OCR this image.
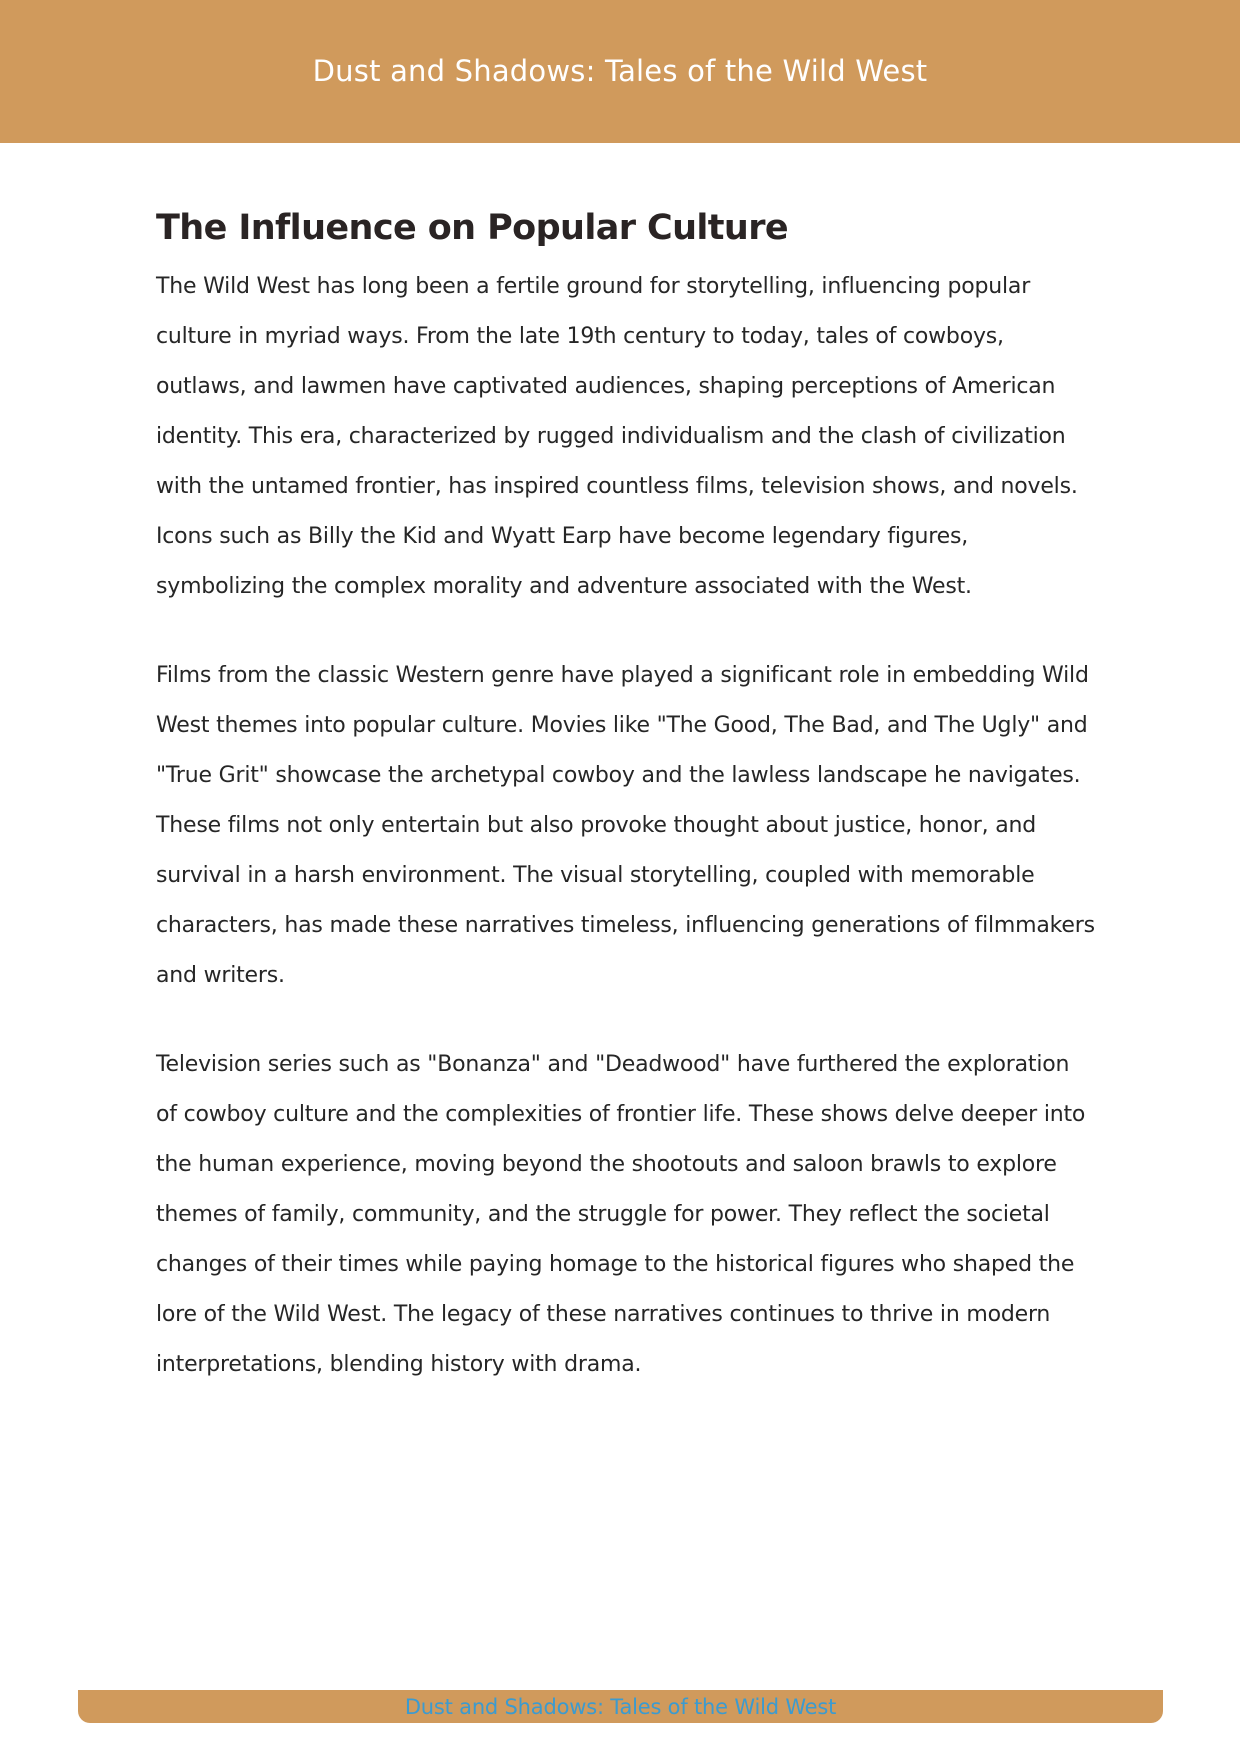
Dust and Shadows: Tales of the Wild West
The Influence on Popular Culture

The Wild West has long been a fertile ground for storytelling, influencing popular culture in myriad ways. From the late 19th century to today, tales of cowboys, outlaws, and lawmen have captivated audiences, shaping perceptions of American identity. This era, characterized by rugged individualism and the clash of civilization with the untamed frontier, has inspired countless films, television shows, and novels. Icons such as Billy the Kid and Wyatt Earp have become legendary figures, symbolizing the complex morality and adventure associated with the West.

Films from the classic Western genre have played a significant role in embedding Wild West themes into popular culture. Movies like "The Good, The Bad, and The Ugly" and "True Grit" showcase the archetypal cowboy and the lawless landscape he navigates. These films not only entertain but also provoke thought about justice, honor, and survival in a harsh environment. The visual storytelling, coupled with memorable characters, has made these narratives timeless, influencing generations of filmmakers and writers.

Television series such as "Bonanza" and "Deadwood" have furthered the exploration of cowboy culture and the complexities of frontier life. These shows delve deeper into the human experience, moving beyond the shootouts and saloon brawls to explore themes of family, community, and the struggle for power. They reflect the societal changes of their times while paying homage to the historical figures who shaped the lore of the Wild West. The legacy of these narratives continues to thrive in modern interpretations, blending history with drama.

Dust and Shadows: Tales of the Wild West
